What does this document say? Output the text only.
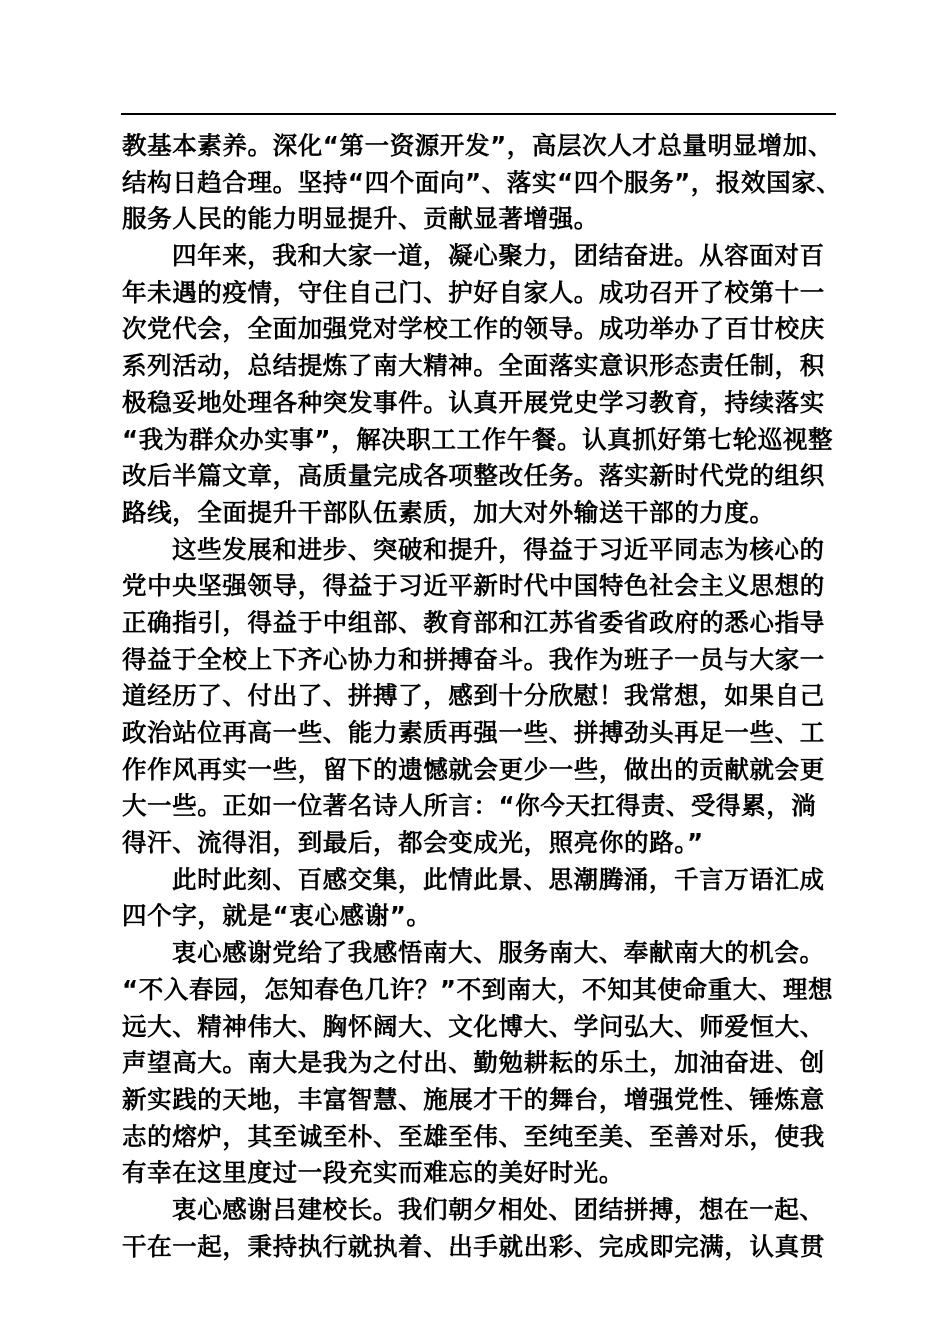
教基本素养。深化“第一资源开发”，高层次人才总量明显增加、
结构日趋合理。坚持“四个面向”、落实“四个服务”，报效国家、
服务人民的能力明显提升、贡献显著增强。
四年来，我和大家一道，凝心聚力，团结奋进。从容面对百
年未遇的疫情，守住自己门、护好自家人。成功召开了校第十一
次党代会，全面加强党对学校工作的领导。成功举办了百廿校庆
系列活动，总结提炼了南大精神。全面落实意识形态责任制，积
极稳妥地处理各种突发事件。认真开展党史学习教育，持续落实
“我为群众办实事”，解决职工工作午餐。认真抓好第七轮巡视整
改后半篇文章，高质量完成各项整改任务。落实新时代党的组织
路线，全面提升干部队伍素质，加大对外输送干部的力度。
这些发展和进步、突破和提升，得益于习近平同志为核心的
党中央坚强领导，得益于习近平新时代中国特色社会主义思想的
正确指引，得益于中组部、教育部和江苏省委省政府的悉心指导
得益于全校上下齐心协力和拼搏奋斗。我作为班子一员与大家一
道经历了、付出了、拼搏了，感到十分欣慰！我常想，如果自己
政治站位再高一些、能力素质再强一些、拼搏劲头再足一些、工
作作风再实一些，留下的遗憾就会更少一些，做出的贡献就会更
大一些。正如一位著名诗人所言：“你今天扛得责、受得累，淌
得汗、流得泪，到最后，都会变成光，照亮你的路。”
此时此刻、百感交集，此情此景、思潮腾涌，千言万语汇成
四个字，就是“衷心感谢”。
衷心感谢党给了我感悟南大、服务南大、奉献南大的机会。
“不入春园，怎知春色几许？”不到南大，不知其使命重大、理想
远大、精神伟大、胸怀阔大、文化博大、学问弘大、师爱恒大、
声望高大。南大是我为之付出、勤勉耕耘的乐土，加油奋进、创
新实践的天地，丰富智慧、施展才干的舞台，增强党性、锤炼意
志的熔炉，其至诚至朴、至雄至伟、至纯至美、至善对乐，使我
有幸在这里度过一段充实而难忘的美好时光。
衷心感谢吕建校长。我们朝夕相处、团结拼搏，想在一起、
干在一起，秉持执行就执着、出手就出彩、完成即完满，认真贯
